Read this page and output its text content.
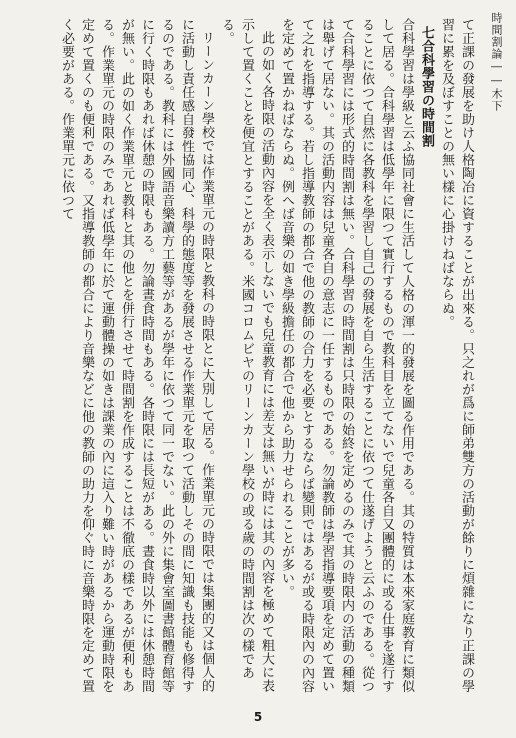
時間割論――木下

て正課の發展を助け人格陶冶に資することが出來る。只之れが爲に師弟雙方の活動が餘りに煩雜になり正課の學習に累を及ぼすことの無い樣に心掛けねばならぬ。

七合科學習の時間割

合科學習は學級と云ふ協同社會に生活して人格の渾一的發展を圖る作用である。其の特質は本來家庭教育に類似して居る。合科學習は低學年に限つて實行するもので教科目を立てないで兒童各自又團體的に或る仕事を遂行することに依つて自然に各教科を學習し自己の發展を自ら生活することに依つて仕遂げようと云ふのである。從つて合科學習には形式的時間割は無い。合科學習の時間割は只時限の始終を定めるのみで其の時限内の活動の種類は舉げて居ない。其の活動内容は兒童各自の意志に一任するものである。勿論教師は學習指導要項を定めて置いて之れを指導する。若し指導教師の都合で他の教師の合力を必要とするならば變則ではあるが或る時限內の內容を定めて置かねばならぬ。例へば音樂の如き學級擔任の都合で他から助力せられることが多い。

此の如く各時限の活動內容を全く表示しないでも兒童教育には差支は無いが時には其の內容を極めて粗大に表示して置くことを便宜とすることがある。米國コロムビヤのリーンカーン學校の或る歲の時間割は次の樣である。

リーンカーン學校では作業單元の時限と教科の時限とに大別して居る。作業單元の時限では集團的又は個人的に活動し責任感自發性協同心、科學的態度等を發展させる作業單元を取つて活動しその間に知識も技能も修得するのである。教科には外國語音樂讀方工藝等があるが學年に依つて同一でない。此の外に集會室圖書館體育館等に行く時限もあれば休憩の時限もある。勿論晝食時間もある。各時限には長短がある。晝食時以外には休憩時間が無い。此の如く作業單元と教科と其の他とを併行させて時間割を作成することは不徹底の樣であるが便利もある。作業單元の時限のみであれば低學年に於て運動體操の如きは課業の內に這入り難い時があるから運動時限を定めて置くのも便利である。又指導教師の都合により音樂などに他の教師の助力を仰ぐ時に音樂時限を定めて置く必要がある。作業單元に依つて

5
